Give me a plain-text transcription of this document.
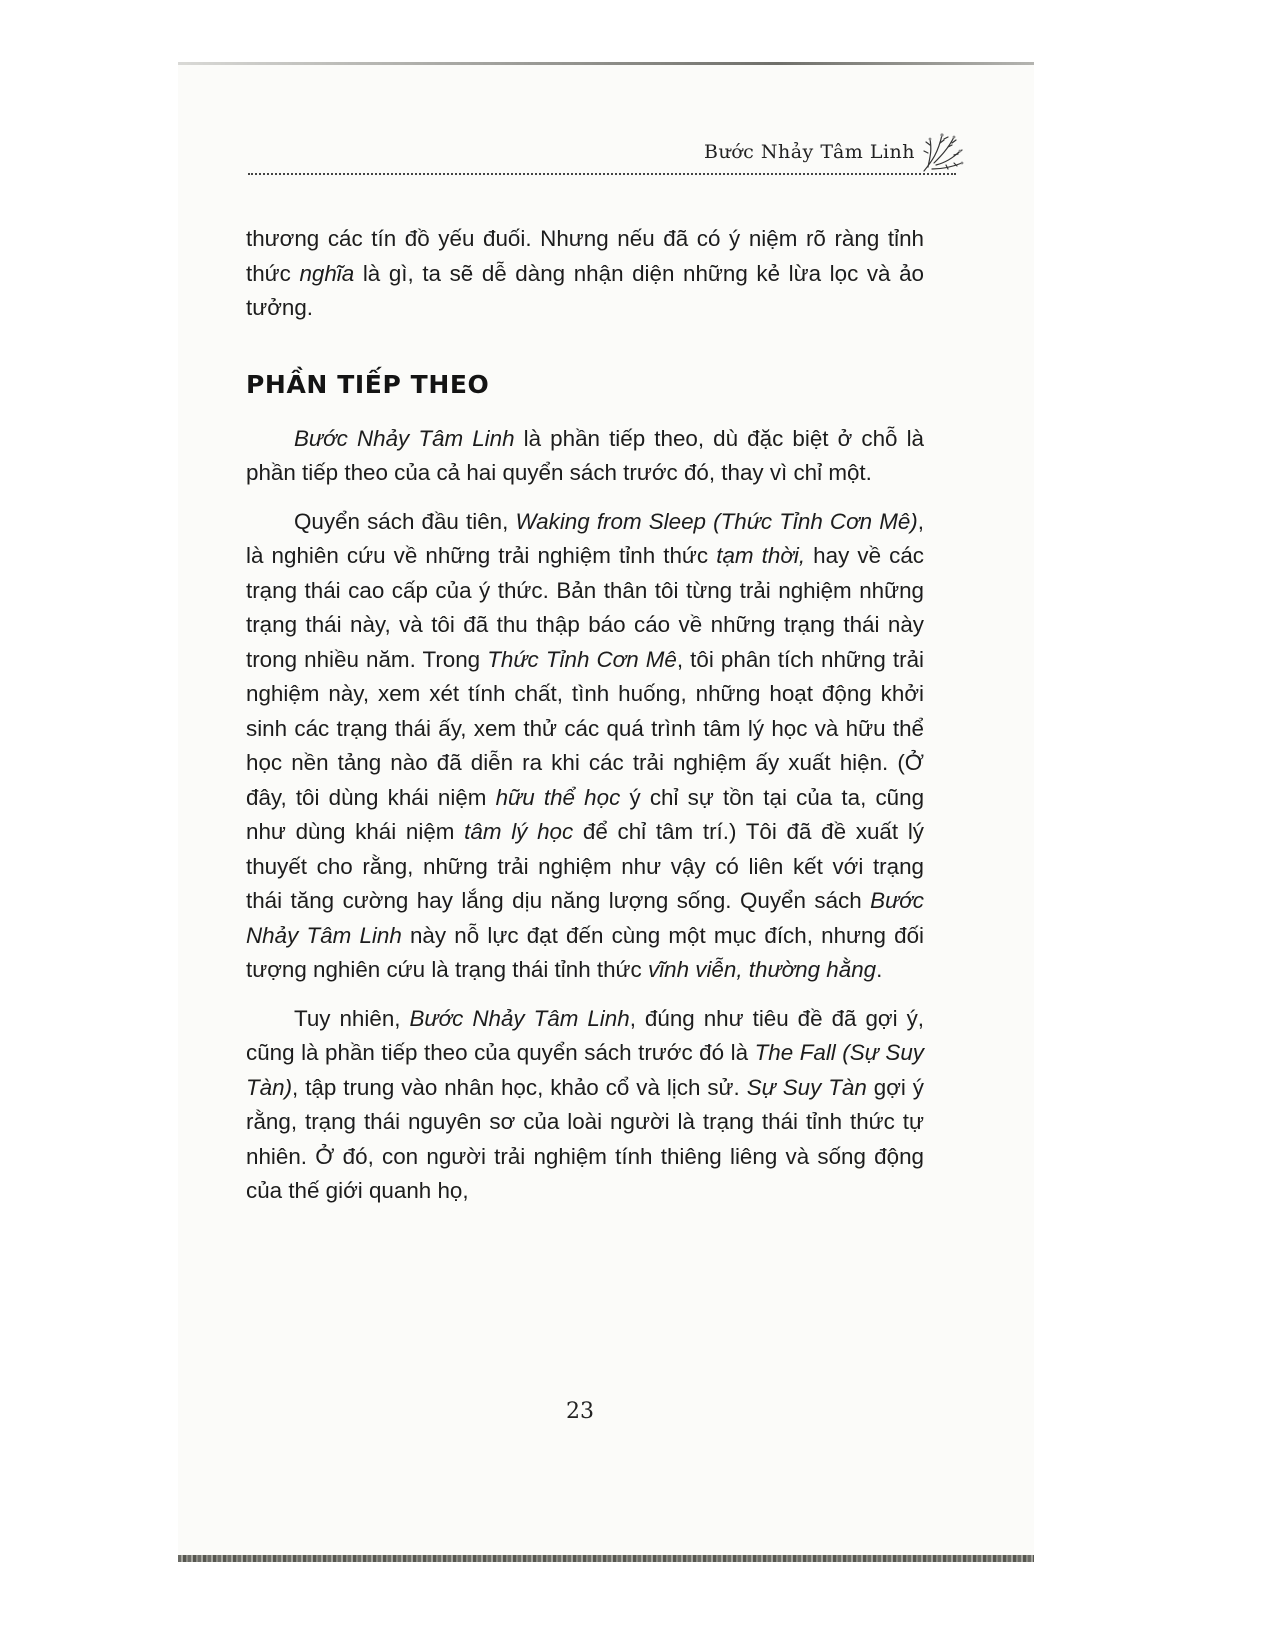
Bước Nhảy Tâm Linh

thương các tín đồ yếu đuối. Nhưng nếu đã có ý niệm rõ ràng tỉnh thức nghĩa là gì, ta sẽ dễ dàng nhận diện những kẻ lừa lọc và ảo tưởng.

PHẦN TIẾP THEO

Bước Nhảy Tâm Linh là phần tiếp theo, dù đặc biệt ở chỗ là phần tiếp theo của cả hai quyển sách trước đó, thay vì chỉ một.

Quyển sách đầu tiên, Waking from Sleep (Thức Tỉnh Cơn Mê), là nghiên cứu về những trải nghiệm tỉnh thức tạm thời, hay về các trạng thái cao cấp của ý thức. Bản thân tôi từng trải nghiệm những trạng thái này, và tôi đã thu thập báo cáo về những trạng thái này trong nhiều năm. Trong Thức Tỉnh Cơn Mê, tôi phân tích những trải nghiệm này, xem xét tính chất, tình huống, những hoạt động khởi sinh các trạng thái ấy, xem thử các quá trình tâm lý học và hữu thể học nền tảng nào đã diễn ra khi các trải nghiệm ấy xuất hiện. (Ở đây, tôi dùng khái niệm hữu thể học ý chỉ sự tồn tại của ta, cũng như dùng khái niệm tâm lý học để chỉ tâm trí.) Tôi đã đề xuất lý thuyết cho rằng, những trải nghiệm như vậy có liên kết với trạng thái tăng cường hay lắng dịu năng lượng sống. Quyển sách Bước Nhảy Tâm Linh này nỗ lực đạt đến cùng một mục đích, nhưng đối tượng nghiên cứu là trạng thái tỉnh thức vĩnh viễn, thường hằng.

Tuy nhiên, Bước Nhảy Tâm Linh, đúng như tiêu đề đã gợi ý, cũng là phần tiếp theo của quyển sách trước đó là The Fall (Sự Suy Tàn), tập trung vào nhân học, khảo cổ và lịch sử. Sự Suy Tàn gợi ý rằng, trạng thái nguyên sơ của loài người là trạng thái tỉnh thức tự nhiên. Ở đó, con người trải nghiệm tính thiêng liêng và sống động của thế giới quanh họ,

23
